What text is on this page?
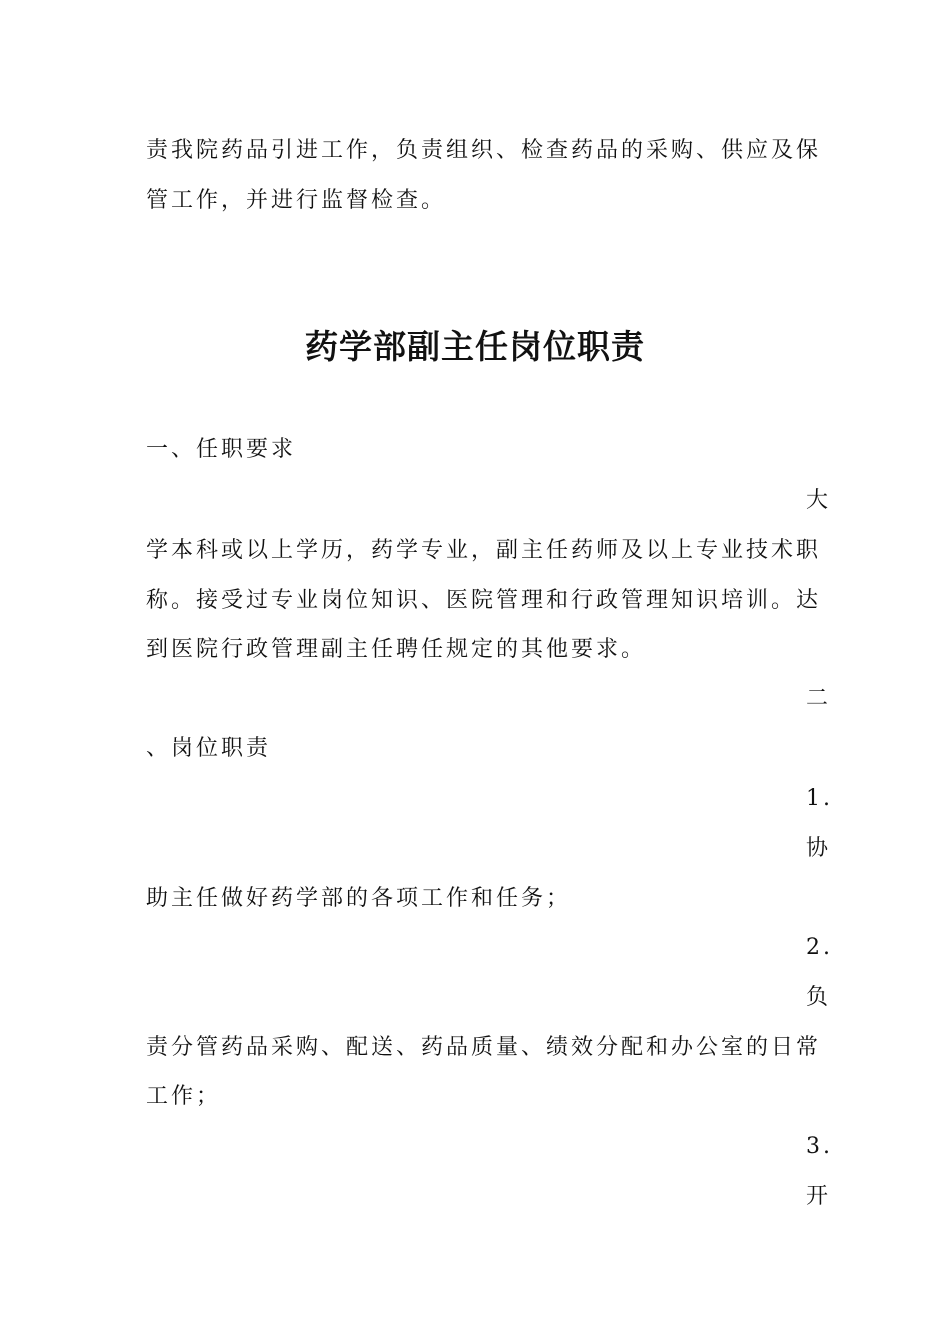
责我院药品引进工作，负责组织、检查药品的采购、供应及保
管工作，并进行监督检查。
药学部副主任岗位职责
一、任职要求
大
学本科或以上学历，药学专业，副主任药师及以上专业技术职
称。接受过专业岗位知识、医院管理和行政管理知识培训。达
到医院行政管理副主任聘任规定的其他要求。
二
、岗位职责
1.
协
助主任做好药学部的各项工作和任务；
2.
负
责分管药品采购、配送、药品质量、绩效分配和办公室的日常
工作；
3.
开
